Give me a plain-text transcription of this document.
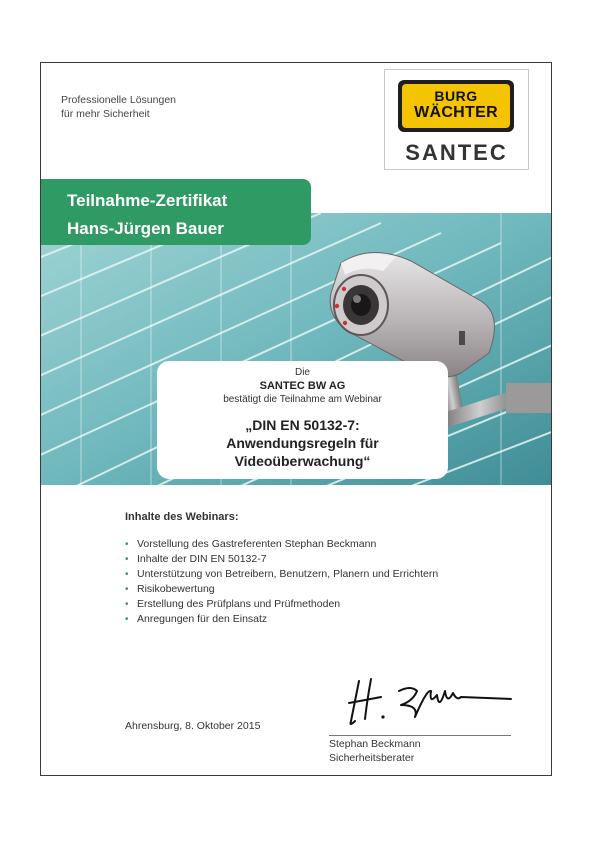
Professionelle Lösungen
für mehr Sicherheit
BURG
WÄCHTER
SANTEC
Teilnahme-Zertifikat
Hans-Jürgen Bauer
Die
SANTEC BW AG
bestätigt die Teilnahme am Webinar
„DIN EN 50132-7:
Anwendungsregeln für
Videoüberwachung“
Inhalte des Webinars:
• Vorstellung des Gastreferenten Stephan Beckmann
• Inhalte der DIN EN 50132-7
• Unterstützung von Betreibern, Benutzern, Planern und Errichtern
• Risikobewertung
• Erstellung des Prüfplans und Prüfmethoden
• Anregungen für den Einsatz
Ahrensburg, 8. Oktober 2015
Stephan Beckmann
Sicherheitsberater
